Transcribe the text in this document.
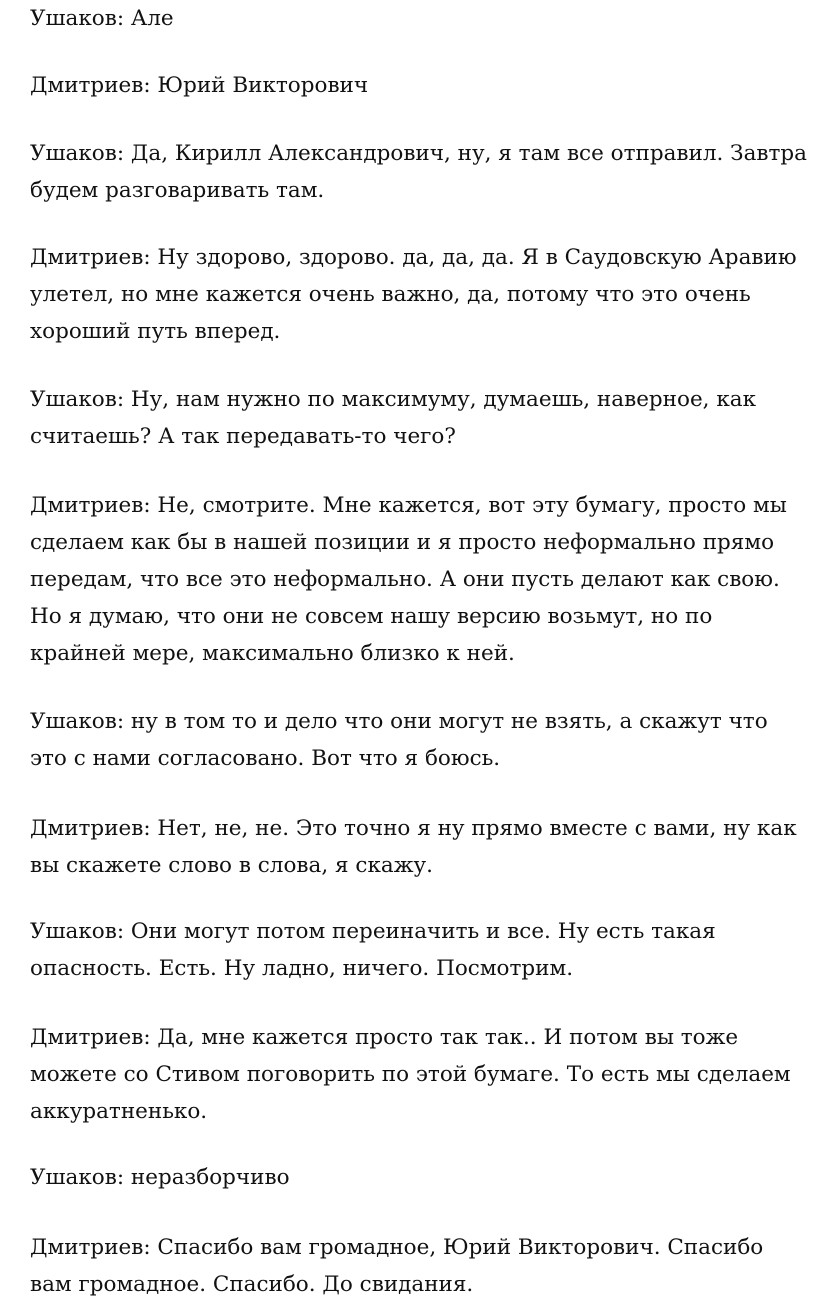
Ушаков: Але

Дмитриев: Юрий Викторович

Ушаков: Да, Кирилл Александрович, ну, я там все отправил. Завтра будем разговаривать там.

Дмитриев: Ну здорово, здорово. да, да, да. Я в Саудовскую Аравию улетел, но мне кажется очень важно, да, потому что это очень хороший путь вперед.

Ушаков: Ну, нам нужно по максимуму, думаешь, наверное, как считаешь? А так передавать-то чего?

Дмитриев: Не, смотрите. Мне кажется, вот эту бумагу, просто мы сделаем как бы в нашей позиции и я просто неформально прямо передам, что все это неформально. А они пусть делают как свою. Но я думаю, что они не совсем нашу версию возьмут, но по крайней мере, максимально близко к ней.

Ушаков: ну в том то и дело что они могут не взять, а скажут что это с нами согласовано. Вот что я боюсь.

Дмитриев: Нет, не, не. Это точно я ну прямо вместе с вами, ну как вы скажете слово в слова, я скажу.

Ушаков: Они могут потом переиначить и все. Ну есть такая опасность. Есть. Ну ладно, ничего. Посмотрим.

Дмитриев: Да, мне кажется просто так так.. И потом вы тоже можете со Стивом поговорить по этой бумаге. То есть мы сделаем аккуратненько.

Ушаков: неразборчиво

Дмитриев: Спасибо вам громадное, Юрий Викторович. Спасибо вам громадное. Спасибо. До свидания.
